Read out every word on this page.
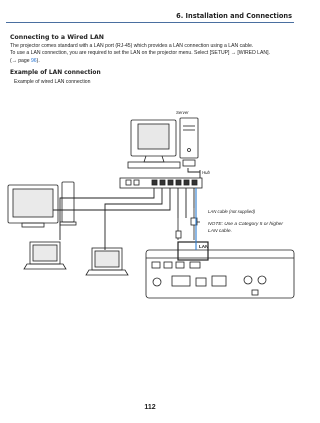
6. Installation and Connections
Connecting to a Wired LAN
The projector comes standard with a LAN port (RJ-45) which provides a LAN connection using a LAN cable.
To use a LAN connection, you are required to set the LAN on the projector menu. Select [SETUP] → [WIRED LAN].
(→ page 96).
Example of LAN connection
Example of wired LAN connection
Server
Hub
LAN cable (not supplied)
NOTE: Use a Category 5 or higher
LAN cable.
LAN
112
